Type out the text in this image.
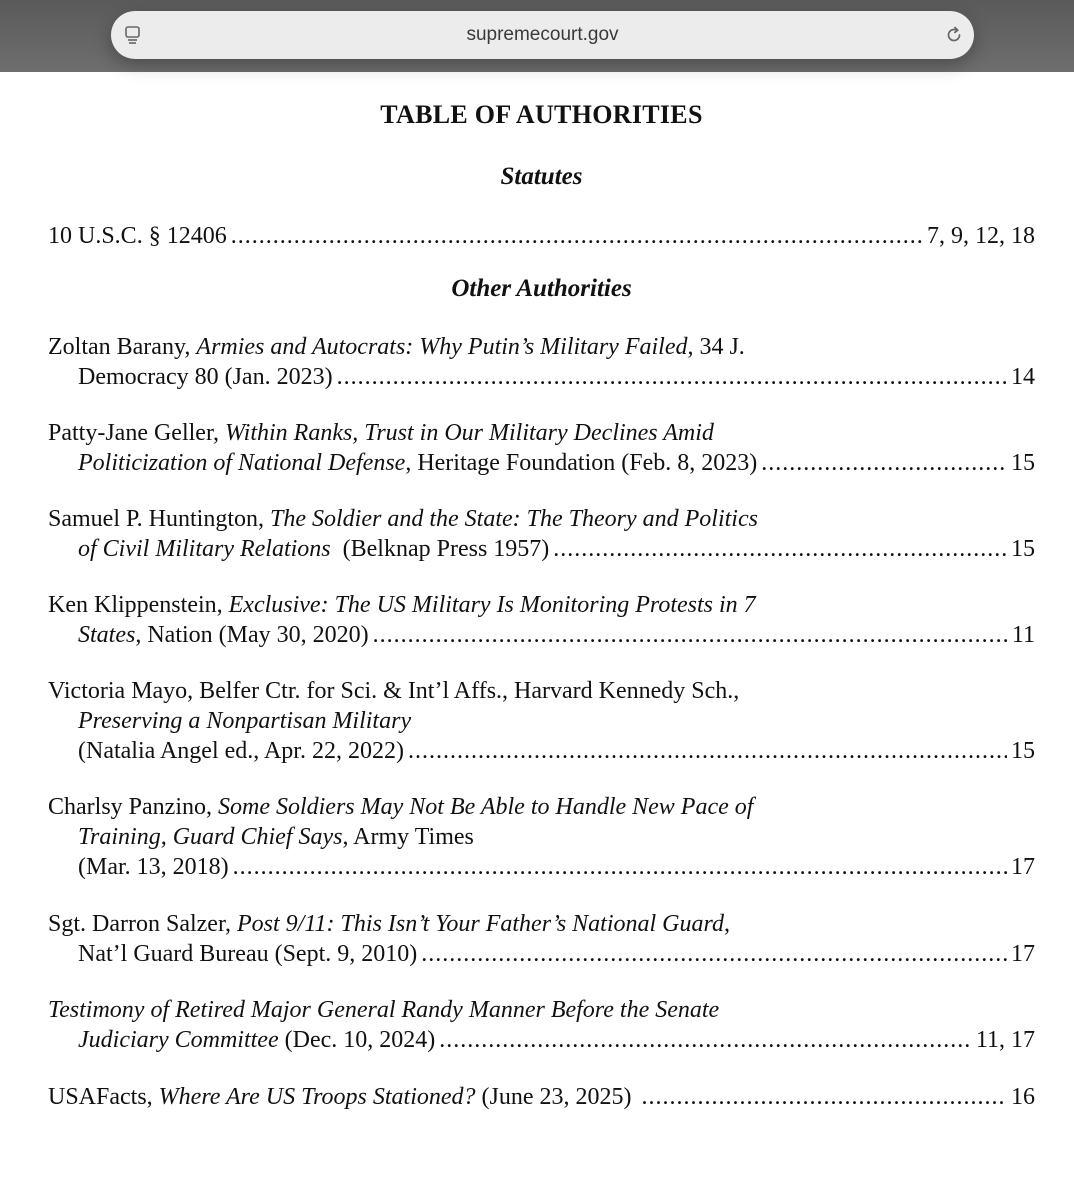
supremecourt.gov
TABLE OF AUTHORITIES
Statutes
10 U.S.C. § 12406 .....	7, 9, 12, 18
Other Authorities
Zoltan Barany, Armies and Autocrats: Why Putin’s Military Failed, 34 J.
Democracy 80 (Jan. 2023) .....	14
Patty-Jane Geller, Within Ranks, Trust in Our Military Declines Amid
Politicization of National Defense, Heritage Foundation (Feb. 8, 2023) .....	15
Samuel P. Huntington, The Soldier and the State: The Theory and Politics
of Civil Military Relations  (Belknap Press 1957) .....	15
Ken Klippenstein, Exclusive: The US Military Is Monitoring Protests in 7
States, Nation (May 30, 2020) .....	11
Victoria Mayo, Belfer Ctr. for Sci. & Int’l Affs., Harvard Kennedy Sch.,
Preserving a Nonpartisan Military
(Natalia Angel ed., Apr. 22, 2022) .....	15
Charlsy Panzino, Some Soldiers May Not Be Able to Handle New Pace of
Training, Guard Chief Says, Army Times
(Mar. 13, 2018) .....	17
Sgt. Darron Salzer, Post 9/11: This Isn’t Your Father’s National Guard,
Nat’l Guard Bureau (Sept. 9, 2010) .....	17
Testimony of Retired Major General Randy Manner Before the Senate
Judiciary Committee (Dec. 10, 2024) .....	11, 17
USAFacts, Where Are US Troops Stationed? (June 23, 2025) .....	16
